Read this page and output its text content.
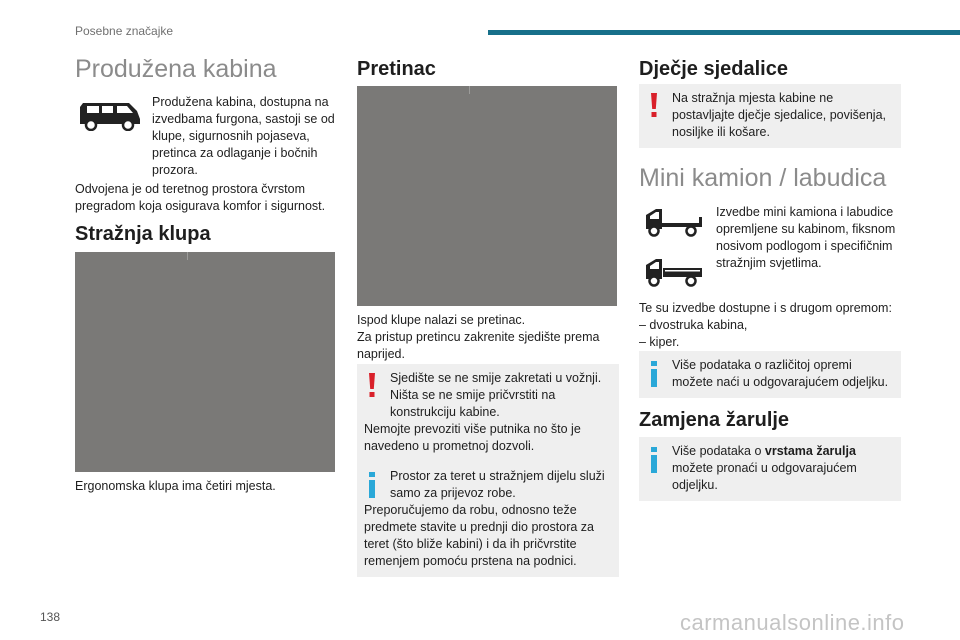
Posebne značajke
Produžena kabina

Produžena kabina, dostupna na izvedbama furgona, sastoji se od klupe, sigurnosnih pojaseva, pretinca za odlaganje i bočnih prozora.

Odvojena je od teretnog prostora čvrstom pregradom koja osigurava komfor i sigurnost.

Stražnja klupa

Ergonomska klupa ima četiri mjesta.

Pretinac

Ispod klupe nalazi se pretinac.

Za pristup pretincu zakrenite sjedište prema naprijed.

Sjedište se ne smije zakretati u vožnji. Ništa se ne smije pričvrstiti na konstrukciju kabine.
Nemojte prevoziti više putnika no što je navedeno u prometnoj dozvoli.
Prostor za teret u stražnjem dijelu služi samo za prijevoz robe.
Preporučujemo da robu, odnosno teže predmete stavite u prednji dio prostora za teret (što bliže kabini) i da ih pričvrstite remenjem pomoću prstena na podnici.
Dječje sjedalice
Na stražnja mjesta kabine ne postavljajte dječje sjedalice, povišenja, nosiljke ili košare.
Mini kamion / labudica

Izvedbe mini kamiona i labudice opremljene su kabinom, fiksnom nosivom podlogom i specifičnim stražnjim svjetlima.

Te su izvedbe dostupne i s drugom opremom:

– dvostruka kabina,
– kiper.
Više podataka o različitoj opremi možete naći u odgovarajućem odjeljku.
Zamjena žarulje
Više podataka o vrstama žarulja možete pronaći u odgovarajućem odjeljku.
138	carmanualsonline.info
